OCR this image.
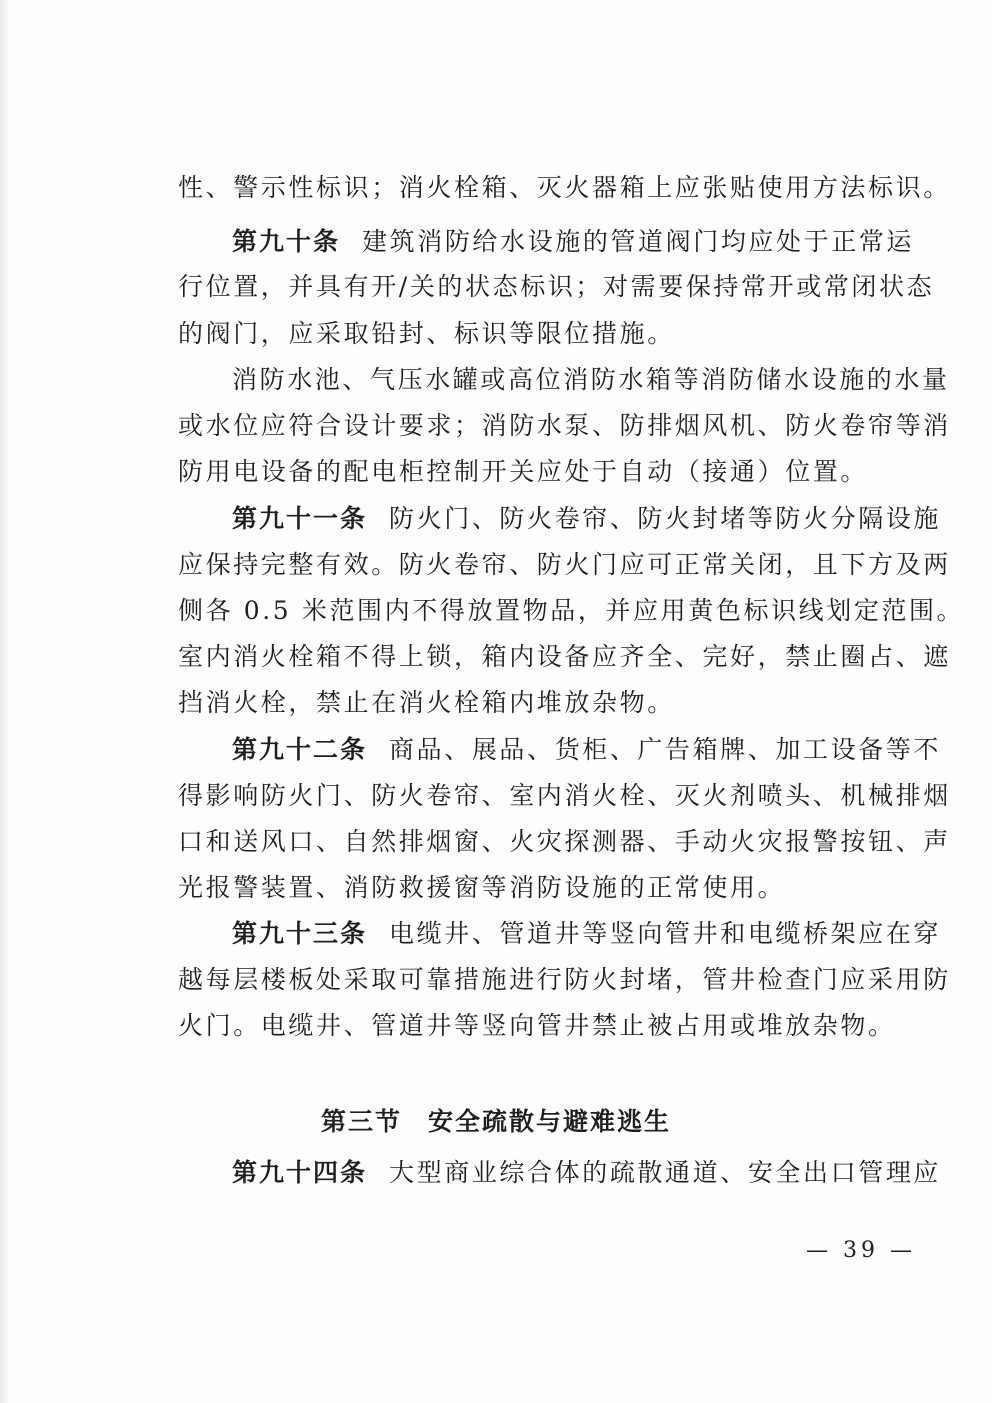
性、警示性标识；消火栓箱、灭火器箱上应张贴使用方法标识。
第九十条 建筑消防给水设施的管道阀门均应处于正常运
行位置，并具有开/关的状态标识；对需要保持常开或常闭状态
的阀门，应采取铅封、标识等限位措施。
消防水池、气压水罐或高位消防水箱等消防储水设施的水量
或水位应符合设计要求；消防水泵、防排烟风机、防火卷帘等消
防用电设备的配电柜控制开关应处于自动（接通）位置。
第九十一条 防火门、防火卷帘、防火封堵等防火分隔设施
应保持完整有效。防火卷帘、防火门应可正常关闭，且下方及两
侧各 0.5 米范围内不得放置物品，并应用黄色标识线划定范围。
室内消火栓箱不得上锁，箱内设备应齐全、完好，禁止圈占、遮
挡消火栓，禁止在消火栓箱内堆放杂物。
第九十二条 商品、展品、货柜、广告箱牌、加工设备等不
得影响防火门、防火卷帘、室内消火栓、灭火剂喷头、机械排烟
口和送风口、自然排烟窗、火灾探测器、手动火灾报警按钮、声
光报警装置、消防救援窗等消防设施的正常使用。
第九十三条 电缆井、管道井等竖向管井和电缆桥架应在穿
越每层楼板处采取可靠措施进行防火封堵，管井检查门应采用防
火门。电缆井、管道井等竖向管井禁止被占用或堆放杂物。
第三节 安全疏散与避难逃生
第九十四条 大型商业综合体的疏散通道、安全出口管理应
— 39 —
